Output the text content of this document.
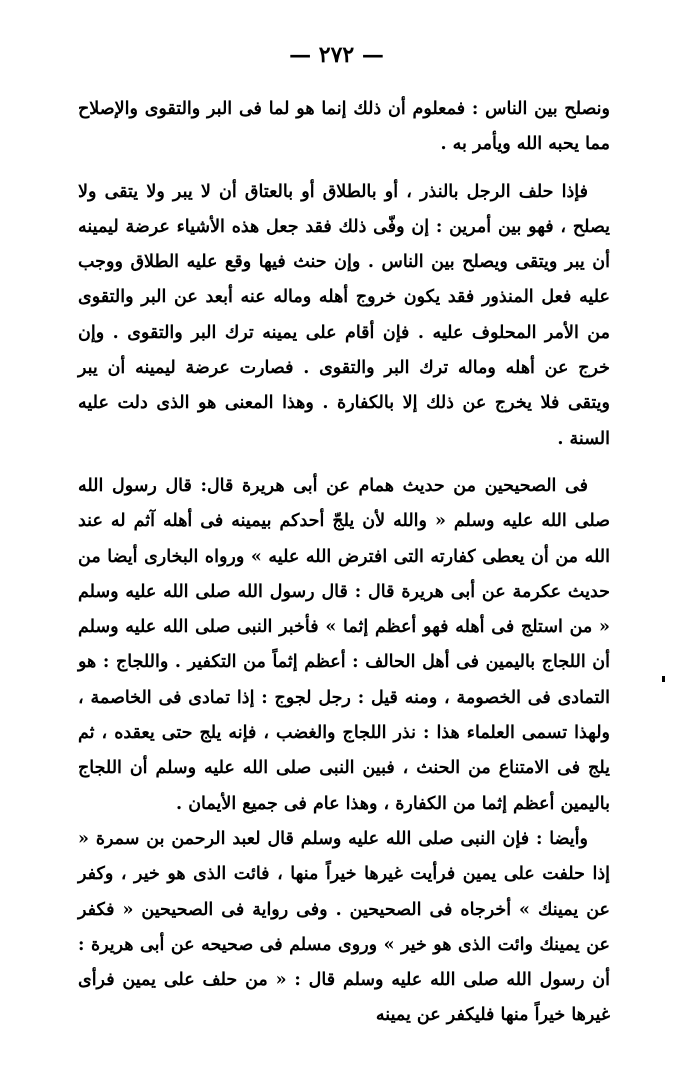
— ٢٧٢ —

ونصلح بين الناس : فمعلوم أن ذلك إنما هو لما فى البر والتقوى والإصلاح مما يحبه الله ويأمر به .

فإذا حلف الرجل بالنذر ، أو بالطلاق أو بالعتاق أن لا يبر ولا يتقى ولا يصلح ، فهو بين أمرين : إن وفّى ذلك فقد جعل هذه الأشياء عرضة ليمينه أن يبر ويتقى ويصلح بين الناس . وإن حنث فيها وقع عليه الطلاق ووجب عليه فعل المنذور فقد يكون خروج أهله وماله عنه أبعد عن البر والتقوى من الأمر المحلوف عليه . فإن أقام على يمينه ترك البر والتقوى . وإن خرج عن أهله وماله ترك البر والتقوى . فصارت عرضة ليمينه أن يبر ويتقى فلا يخرج عن ذلك إلا بالكفارة . وهذا المعنى هو الذى دلت عليه السنة .

فى الصحيحين من حديث همام عن أبى هريرة قال: قال رسول الله صلى الله عليه وسلم « والله لأن يلجّ أحدكم بيمينه فى أهله آثم له عند الله من أن يعطى كفارته التى افترض الله عليه » ورواه البخارى أيضا من حديث عكرمة عن أبى هريرة قال : قال رسول الله صلى الله عليه وسلم « من استلج فى أهله فهو أعظم إثما » فأخبر النبى صلى الله عليه وسلم أن اللجاج باليمين فى أهل الحالف : أعظم إثماً من التكفير . واللجاج : هو التمادى فى الخصومة ، ومنه قيل : رجل لجوج : إذا تمادى فى الخاصمة ، ولهذا تسمى العلماء هذا : نذر اللجاج والغضب ، فإنه يلج حتى يعقده ، ثم يلج فى الامتناع من الحنث ، فبين النبى صلى الله عليه وسلم أن اللجاج باليمين أعظم إثما من الكفارة ، وهذا عام فى جميع الأيمان .

وأيضا : فإن النبى صلى الله عليه وسلم قال لعبد الرحمن بن سمرة « إذا حلفت على يمين فرأيت غيرها خيراً منها ، فائت الذى هو خير ، وكفر عن يمينك » أخرجاه فى الصحيحين . وفى رواية فى الصحيحين « فكفر عن يمينك وائت الذى هو خير » وروى مسلم فى صحيحه عن أبى هريرة : أن رسول الله صلى الله عليه وسلم قال : « من حلف على يمين فرأى غيرها خيراً منها فليكفر عن يمينه
